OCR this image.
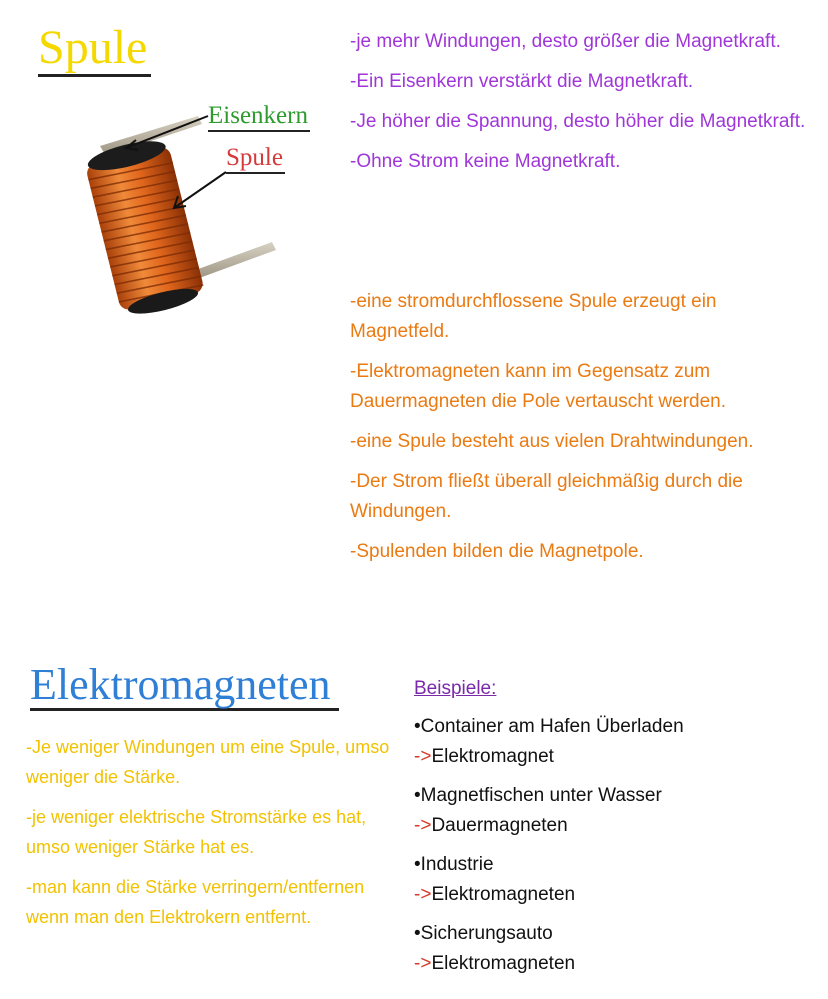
Spule
Eisenkern
Spule

-je mehr Windungen, desto größer die Magnetkraft.

-Ein Eisenkern verstärkt die Magnetkraft.

-Je höher die Spannung, desto höher die Magnetkraft.

-Ohne Strom keine Magnetkraft.

-eine stromdurchflossene Spule erzeugt ein Magnetfeld.

-Elektromagneten kann im Gegensatz zum Dauermagneten die Pole vertauscht werden.

-eine Spule besteht aus vielen Drahtwindungen.

-Der Strom fließt überall gleichmäßig durch die Windungen.

-Spulenden bilden die Magnetpole.

Elektromagneten

-Je weniger Windungen um eine Spule, umso weniger die Stärke.

-je weniger elektrische Stromstärke es hat, umso weniger Stärke hat es.

-man kann die Stärke verringern/entfernen wenn man den Elektrokern entfernt.

Beispiele:
•Container am Hafen Überladen
->Elektromagnet
•Magnetfischen unter Wasser
->Dauermagneten
•Industrie
->Elektromagneten
•Sicherungsauto
->Elektromagneten
